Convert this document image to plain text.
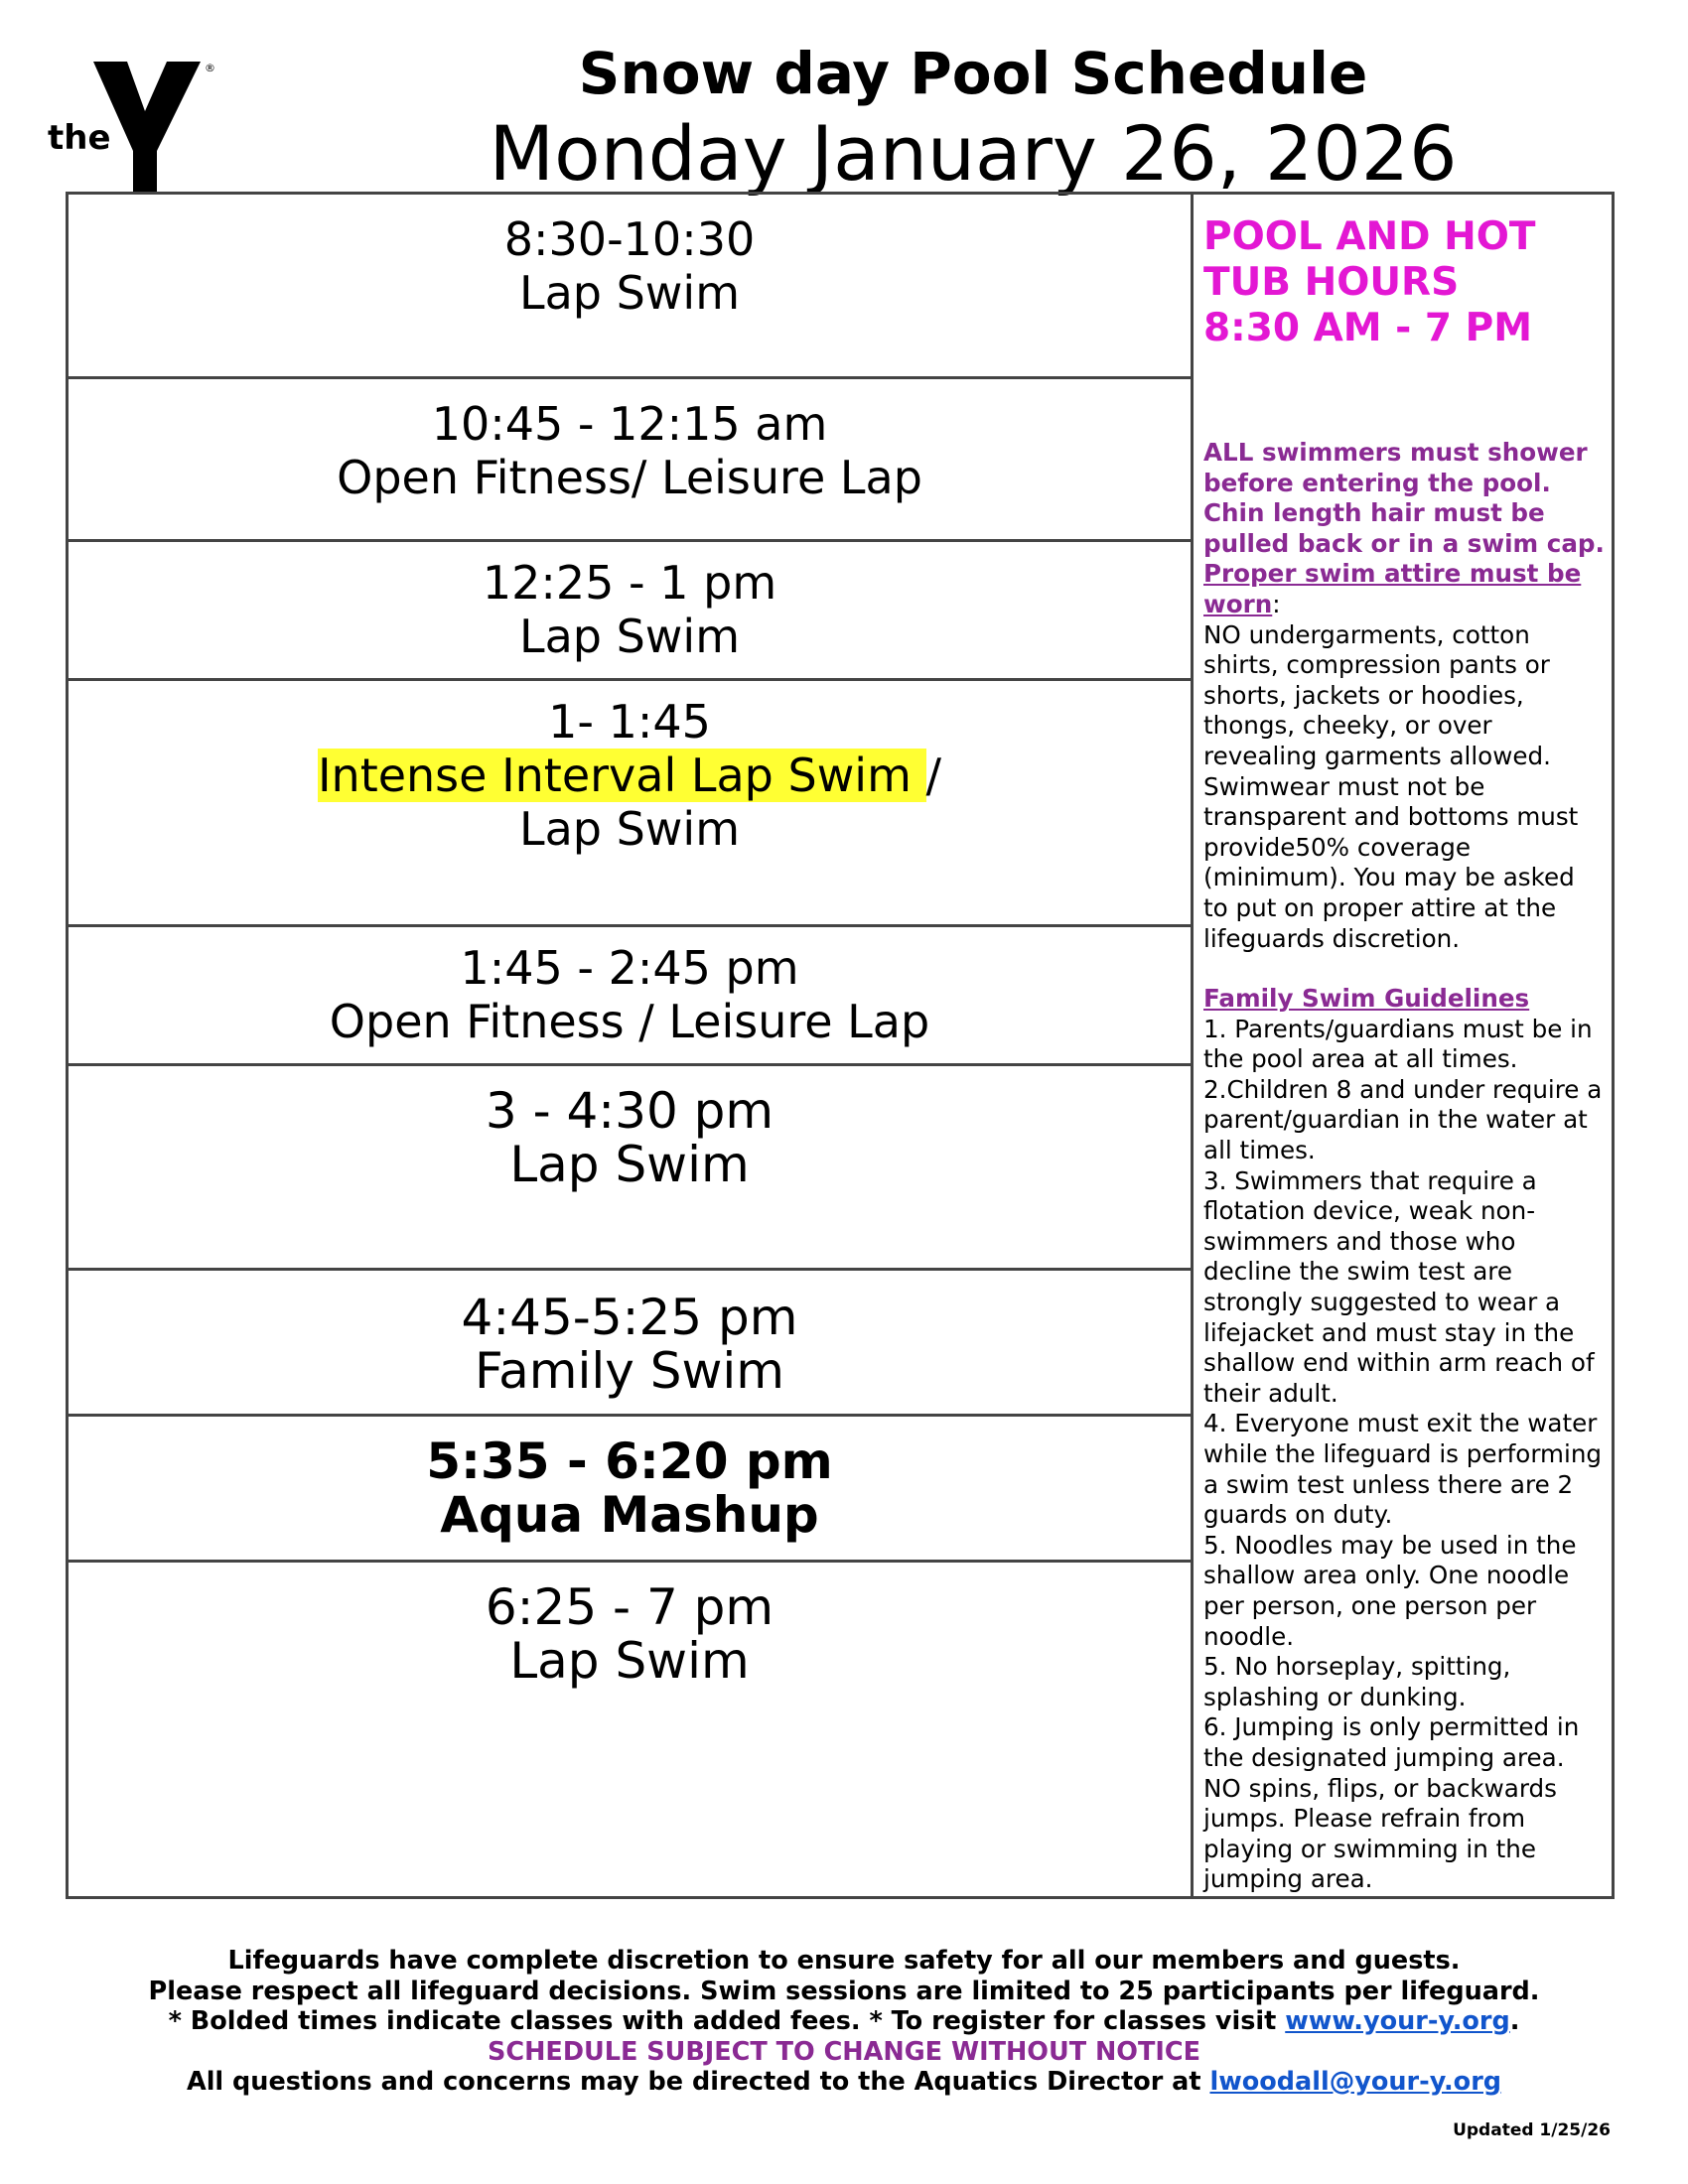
the
YMCA
®	Snow day Pool Schedule
Monday January 26, 2026
8:30-10:30
Lap Swim
10:45 - 12:15 am
Open Fitness/ Leisure Lap
12:25 - 1 pm
Lap Swim
1- 1:45
Intense Interval Lap Swim /
Lap Swim
1:45 - 2:45 pm
Open Fitness / Leisure Lap
3 - 4:30 pm
Lap Swim
4:45-5:25 pm
Family Swim
5:35 - 6:20 pm
Aqua Mashup
6:25 - 7 pm
Lap Swim
POOL AND HOT
TUB HOURS
8:30 AM - 7 PM
ALL swimmers must shower before entering the pool. Chin length hair must be pulled back or in a swim cap.
Proper swim attire must be worn:
NO undergarments, cotton shirts, compression pants or shorts, jackets or hoodies, thongs, cheeky, or over revealing garments allowed. Swimwear must not be transparent and bottoms must provide50% coverage (minimum). You may be asked to put on proper attire at the lifeguards discretion.
Family Swim Guidelines
1. Parents/guardians must be in the pool area at all times.
2.Children 8 and under require a parent/guardian in the water at all times.
3. Swimmers that require a flotation device, weak non-swimmers and those who decline the swim test are strongly suggested to wear a lifejacket and must stay in the shallow end within arm reach of their adult.
4. Everyone must exit the water while the lifeguard is performing a swim test unless there are 2 guards on duty.
5. Noodles may be used in the shallow area only. One noodle per person, one person per noodle.
5. No horseplay, spitting, splashing or dunking.
6. Jumping is only permitted in the designated jumping area. NO spins, flips, or backwards jumps. Please refrain from playing or swimming in the jumping area.
Lifeguards have complete discretion to ensure safety for all our members and guests.
Please respect all lifeguard decisions. Swim sessions are limited to 25 participants per lifeguard.
* Bolded times indicate classes with added fees. * To register for classes visit www.your-y.org.
SCHEDULE SUBJECT TO CHANGE WITHOUT NOTICE
All questions and concerns may be directed to the Aquatics Director at lwoodall@your-y.org
Updated 1/25/26
